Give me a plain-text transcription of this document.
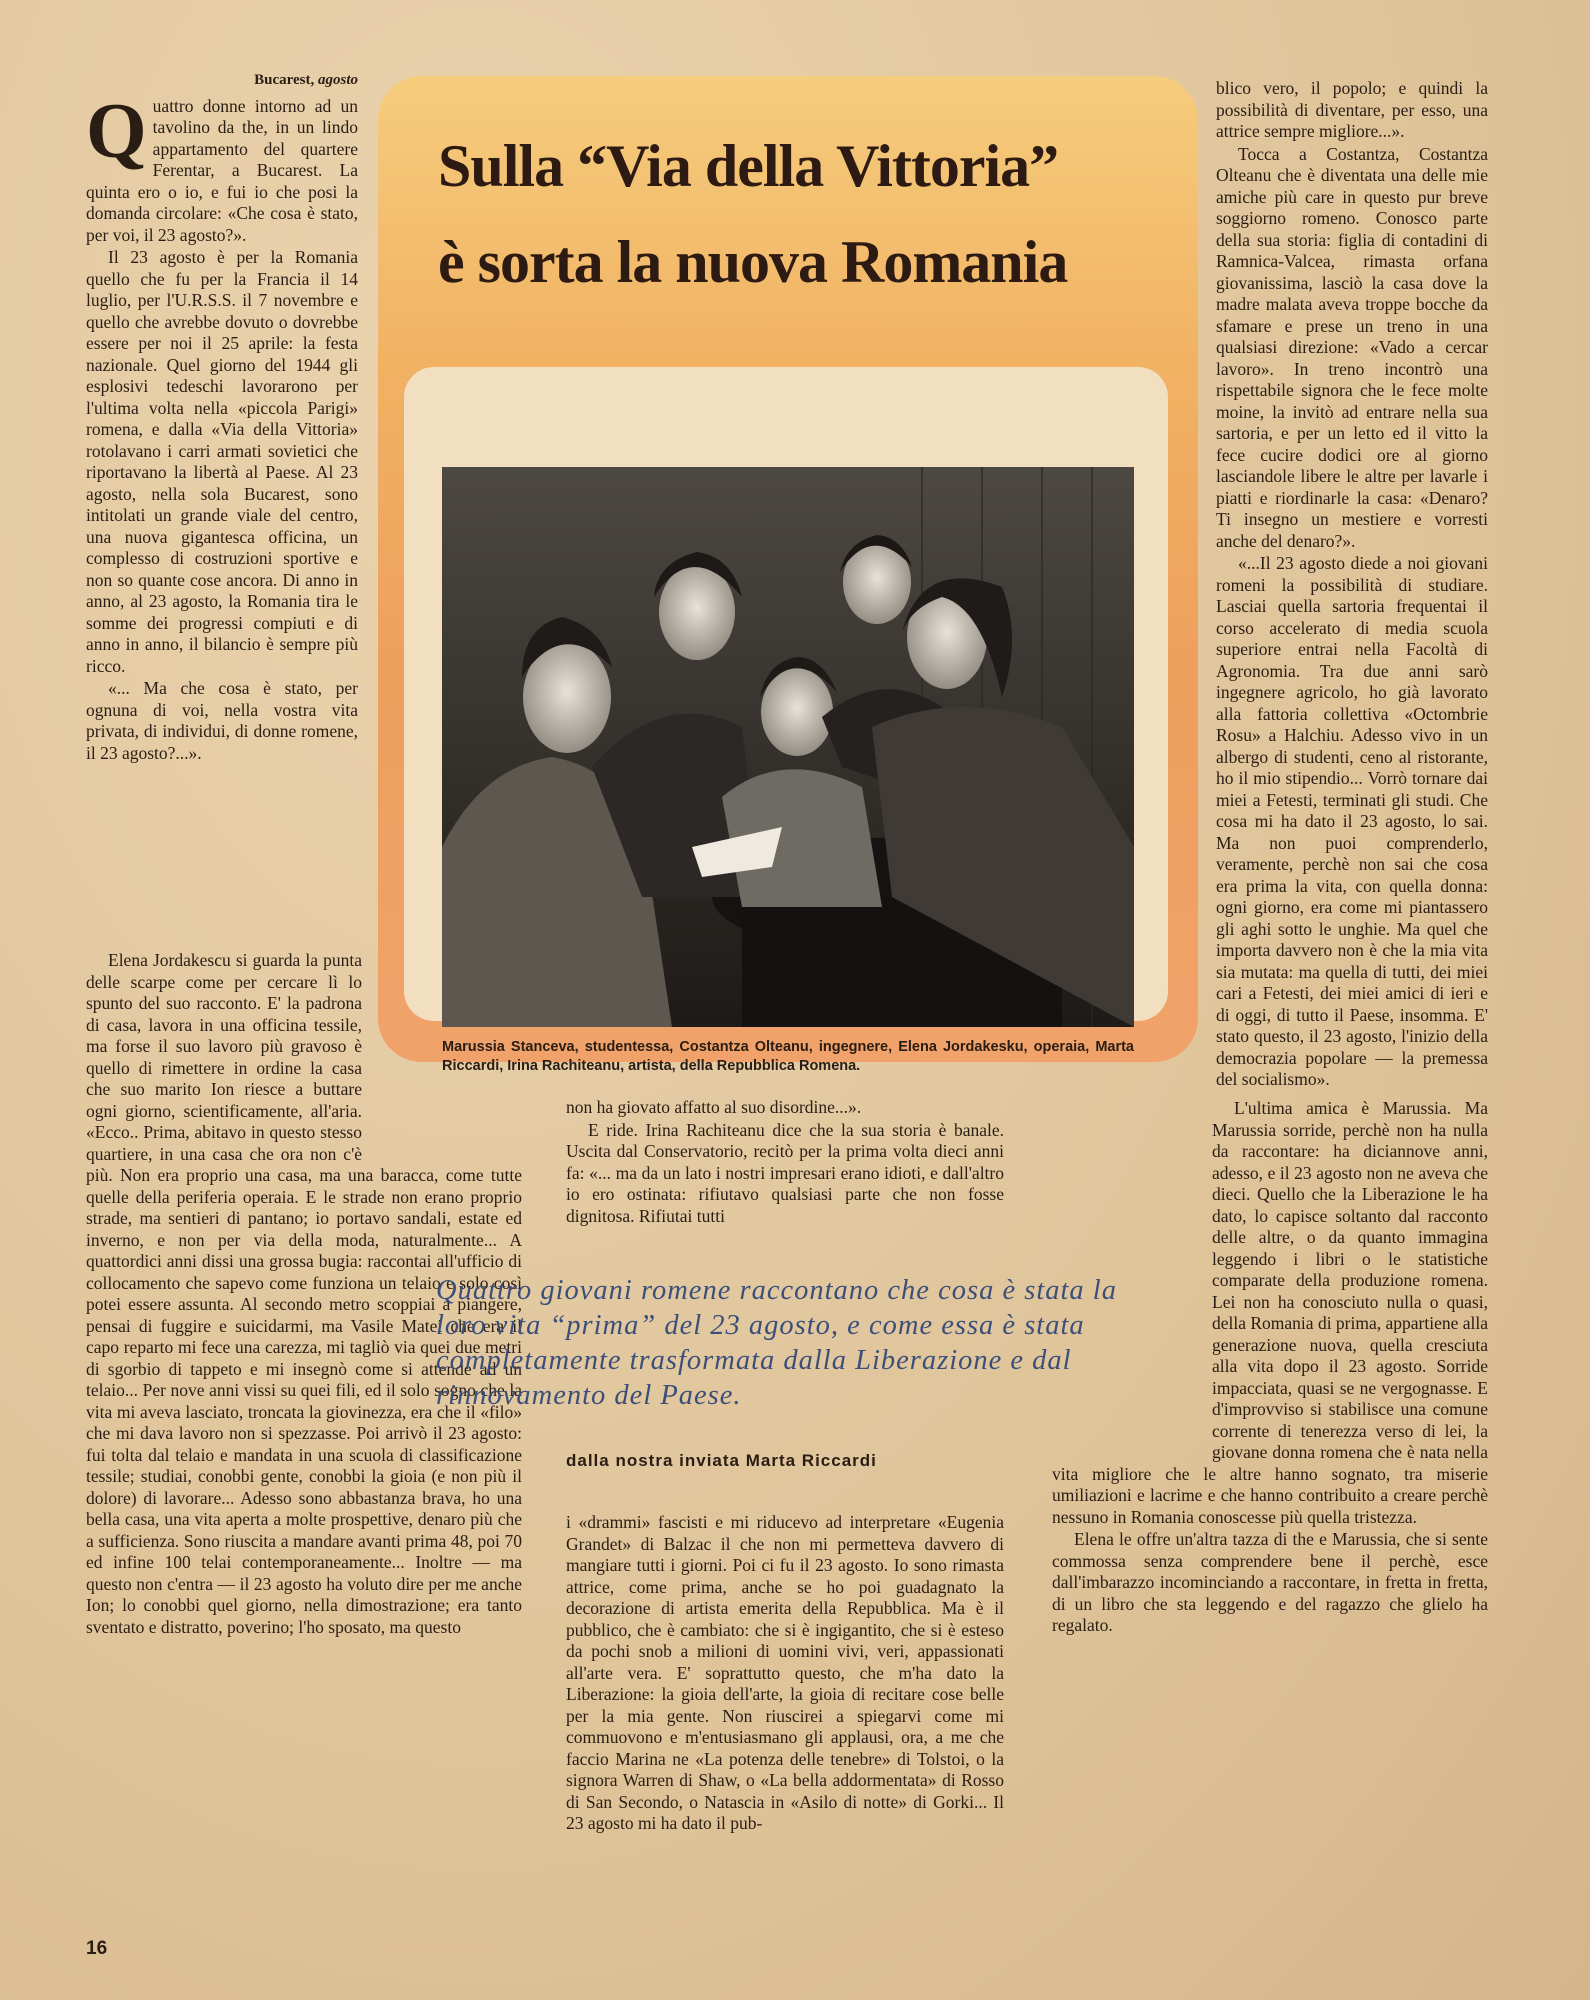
Bucarest, agosto

Quattro donne intorno ad un tavolino da the, in un lindo appartamento del quartere Ferentar, a Bucarest. La quinta ero o io, e fui io che posi la domanda circolare: «Che cosa è stato, per voi, il 23 agosto?».

Il 23 agosto è per la Romania quello che fu per la Francia il 14 luglio, per l'U.R.S.S. il 7 novembre e quello che avrebbe dovuto o dovrebbe essere per noi il 25 aprile: la festa nazionale. Quel giorno del 1944 gli esplosivi tedeschi lavorarono per l'ultima volta nella «piccola Parigi» romena, e dalla «Via della Vittoria» rotolavano i carri armati sovietici che riportavano la libertà al Paese. Al 23 agosto, nella sola Bucarest, sono intitolati un grande viale del centro, una nuova gigantesca officina, un complesso di costruzioni sportive e non so quante cose ancora. Di anno in anno, al 23 agosto, la Romania tira le somme dei progressi compiuti e di anno in anno, il bilancio è sempre più ricco.

«... Ma che cosa è stato, per ognuna di voi, nella vostra vita privata, di individui, di donne romene, il 23 agosto?...».

Elena Jordakescu si guarda la punta delle scarpe come per cercare lì lo spunto del suo racconto. E' la padrona di casa, lavora in una officina tessile, ma forse il suo lavoro più gravoso è quello di rimettere in ordine la casa che suo marito Ion riesce a buttare ogni giorno, scientificamente, all'aria. «Ecco.. Prima, abitavo in questo stesso quartiere, in una casa che ora non c'è più. Non era proprio una casa, ma una baracca, come tutte quelle della periferia operaia. E le strade non erano proprio strade, ma sentieri di pantano; io portavo sandali, estate ed inverno, e non per via della moda, naturalmente... A quattordici anni dissi una grossa bugia: raccontai all'ufficio di collocamento che sapevo come funziona un telaio e solo così potei essere assunta. Al secondo metro scoppiai a piangere, pensai di fuggire e suicidarmi, ma Vasile Matei che era il capo reparto mi fece una carezza, mi tagliò via quei due metri di sgorbio di tappeto e mi insegnò come si attende ad un telaio... Per nove anni vissi su quei fili, ed il solo sogno che la vita mi aveva lasciato, troncata la giovinezza, era che il «filo» che mi dava lavoro non si spezzasse. Poi arrivò il 23 agosto: fui tolta dal telaio e mandata in una scuola di classificazione tessile; studiai, conobbi gente, conobbi la gioia (e non più il dolore) di lavorare... Adesso sono abbastanza brava, ho una bella casa, una vita aperta a molte prospettive, denaro più che a sufficienza. Sono riuscita a mandare avanti prima 48, poi 70 ed infine 100 telai contemporaneamente... Inoltre — ma questo non c'entra — il 23 agosto ha voluto dire per me anche Ion; lo conobbi quel giorno, nella dimostrazione; era tanto sventato e distratto, poverino; l'ho sposato, ma questo

Sulla “Via della Vittoria”
è sorta la nuova Romania
Marussia Stanceva, studentessa, Costantza Olteanu, ingegnere, Elena Jordakesku, operaia, Marta Riccardi, Irina Rachiteanu, artista, della Repubblica Romena.

non ha giovato affatto al suo disordine...».

E ride. Irina Rachiteanu dice che la sua storia è banale. Uscita dal Conservatorio, recitò per la prima volta dieci anni fa: «... ma da un lato i nostri impresari erano idioti, e dall'altro io ero ostinata: rifiutavo qualsiasi parte che non fosse dignitosa. Rifiutai tutti

Quattro giovani romene raccontano che cosa è stata la loro vita “prima” del 23 agosto, e come essa è stata completamente trasformata dalla Liberazione e dal rinnovamento del Paese.
dalla nostra inviata Marta Riccardi

i «drammi» fascisti e mi riducevo ad interpretare «Eugenia Grandet» di Balzac il che non mi permetteva davvero di mangiare tutti i giorni. Poi ci fu il 23 agosto. Io sono rimasta attrice, come prima, anche se ho poi guadagnato la decorazione di artista emerita della Repubblica. Ma è il pubblico, che è cambiato: che si è ingigantito, che si è esteso da pochi snob a milioni di uomini vivi, veri, appassionati all'arte vera. E' soprattutto questo, che m'ha dato la Liberazione: la gioia dell'arte, la gioia di recitare cose belle per la mia gente. Non riuscirei a spiegarvi come mi commuovono e m'entusiasmano gli applausi, ora, a me che faccio Marina ne «La potenza delle tenebre» di Tolstoi, o la signora Warren di Shaw, o «La bella addormentata» di Rosso di San Secondo, o Natascia in «Asilo di notte» di Gorki... Il 23 agosto mi ha dato il pub-

blico vero, il popolo; e quindi la possibilità di diventare, per esso, una attrice sempre migliore...».

Tocca a Costantza, Costantza Olteanu che è diventata una delle mie amiche più care in questo pur breve soggiorno romeno. Conosco parte della sua storia: figlia di contadini di Ramnica-Valcea, rimasta orfana giovanissima, lasciò la casa dove la madre malata aveva troppe bocche da sfamare e prese un treno in una qualsiasi direzione: «Vado a cercar lavoro». In treno incontrò una rispettabile signora che le fece molte moine, la invitò ad entrare nella sua sartoria, e per un letto ed il vitto la fece cucire dodici ore al giorno lasciandole libere le altre per lavarle i piatti e riordinarle la casa: «Denaro? Ti insegno un mestiere e vorresti anche del denaro?».

«...Il 23 agosto diede a noi giovani romeni la possibilità di studiare. Lasciai quella sartoria frequentai il corso accelerato di media scuola superiore entrai nella Facoltà di Agronomia. Tra due anni sarò ingegnere agricolo, ho già lavorato alla fattoria collettiva «Octombrie Rosu» a Halchiu. Adesso vivo in un albergo di studenti, ceno al ristorante, ho il mio stipendio... Vorrò tornare dai miei a Fetesti, terminati gli studi. Che cosa mi ha dato il 23 agosto, lo sai. Ma non puoi comprenderlo, veramente, perchè non sai che cosa era prima la vita, con quella donna: ogni giorno, era come mi piantassero gli aghi sotto le unghie. Ma quel che importa davvero non è che la mia vita sia mutata: ma quella di tutti, dei miei cari a Fetesti, dei miei amici di ieri e di oggi, di tutto il Paese, insomma. E' stato questo, il 23 agosto, l'inizio della democrazia popolare — la premessa del socialismo».

L'ultima amica è Marussia. Ma Marussia sorride, perchè non ha nulla da raccontare: ha diciannove anni, adesso, e il 23 agosto non ne aveva che dieci. Quello che la Liberazione le ha dato, lo capisce soltanto dal racconto delle altre, o da quanto immagina leggendo i libri o le statistiche comparate della produzione romena. Lei non ha conosciuto nulla o quasi, della Romania di prima, appartiene alla generazione nuova, quella cresciuta alla vita dopo il 23 agosto. Sorride impacciata, quasi se ne vergognasse. E d'improvviso si stabilisce una comune corrente di tenerezza verso di lei, la giovane donna romena che è nata nella vita migliore che le altre hanno sognato, tra miserie umiliazioni e lacrime e che hanno contribuito a creare perchè nessuno in Romania conoscesse più quella tristezza.

Elena le offre un'altra tazza di the e Marussia, che si sente commossa senza comprendere bene il perchè, esce dall'imbarazzo incominciando a raccontare, in fretta in fretta, di un libro che sta leggendo e del ragazzo che glielo ha regalato.

16
